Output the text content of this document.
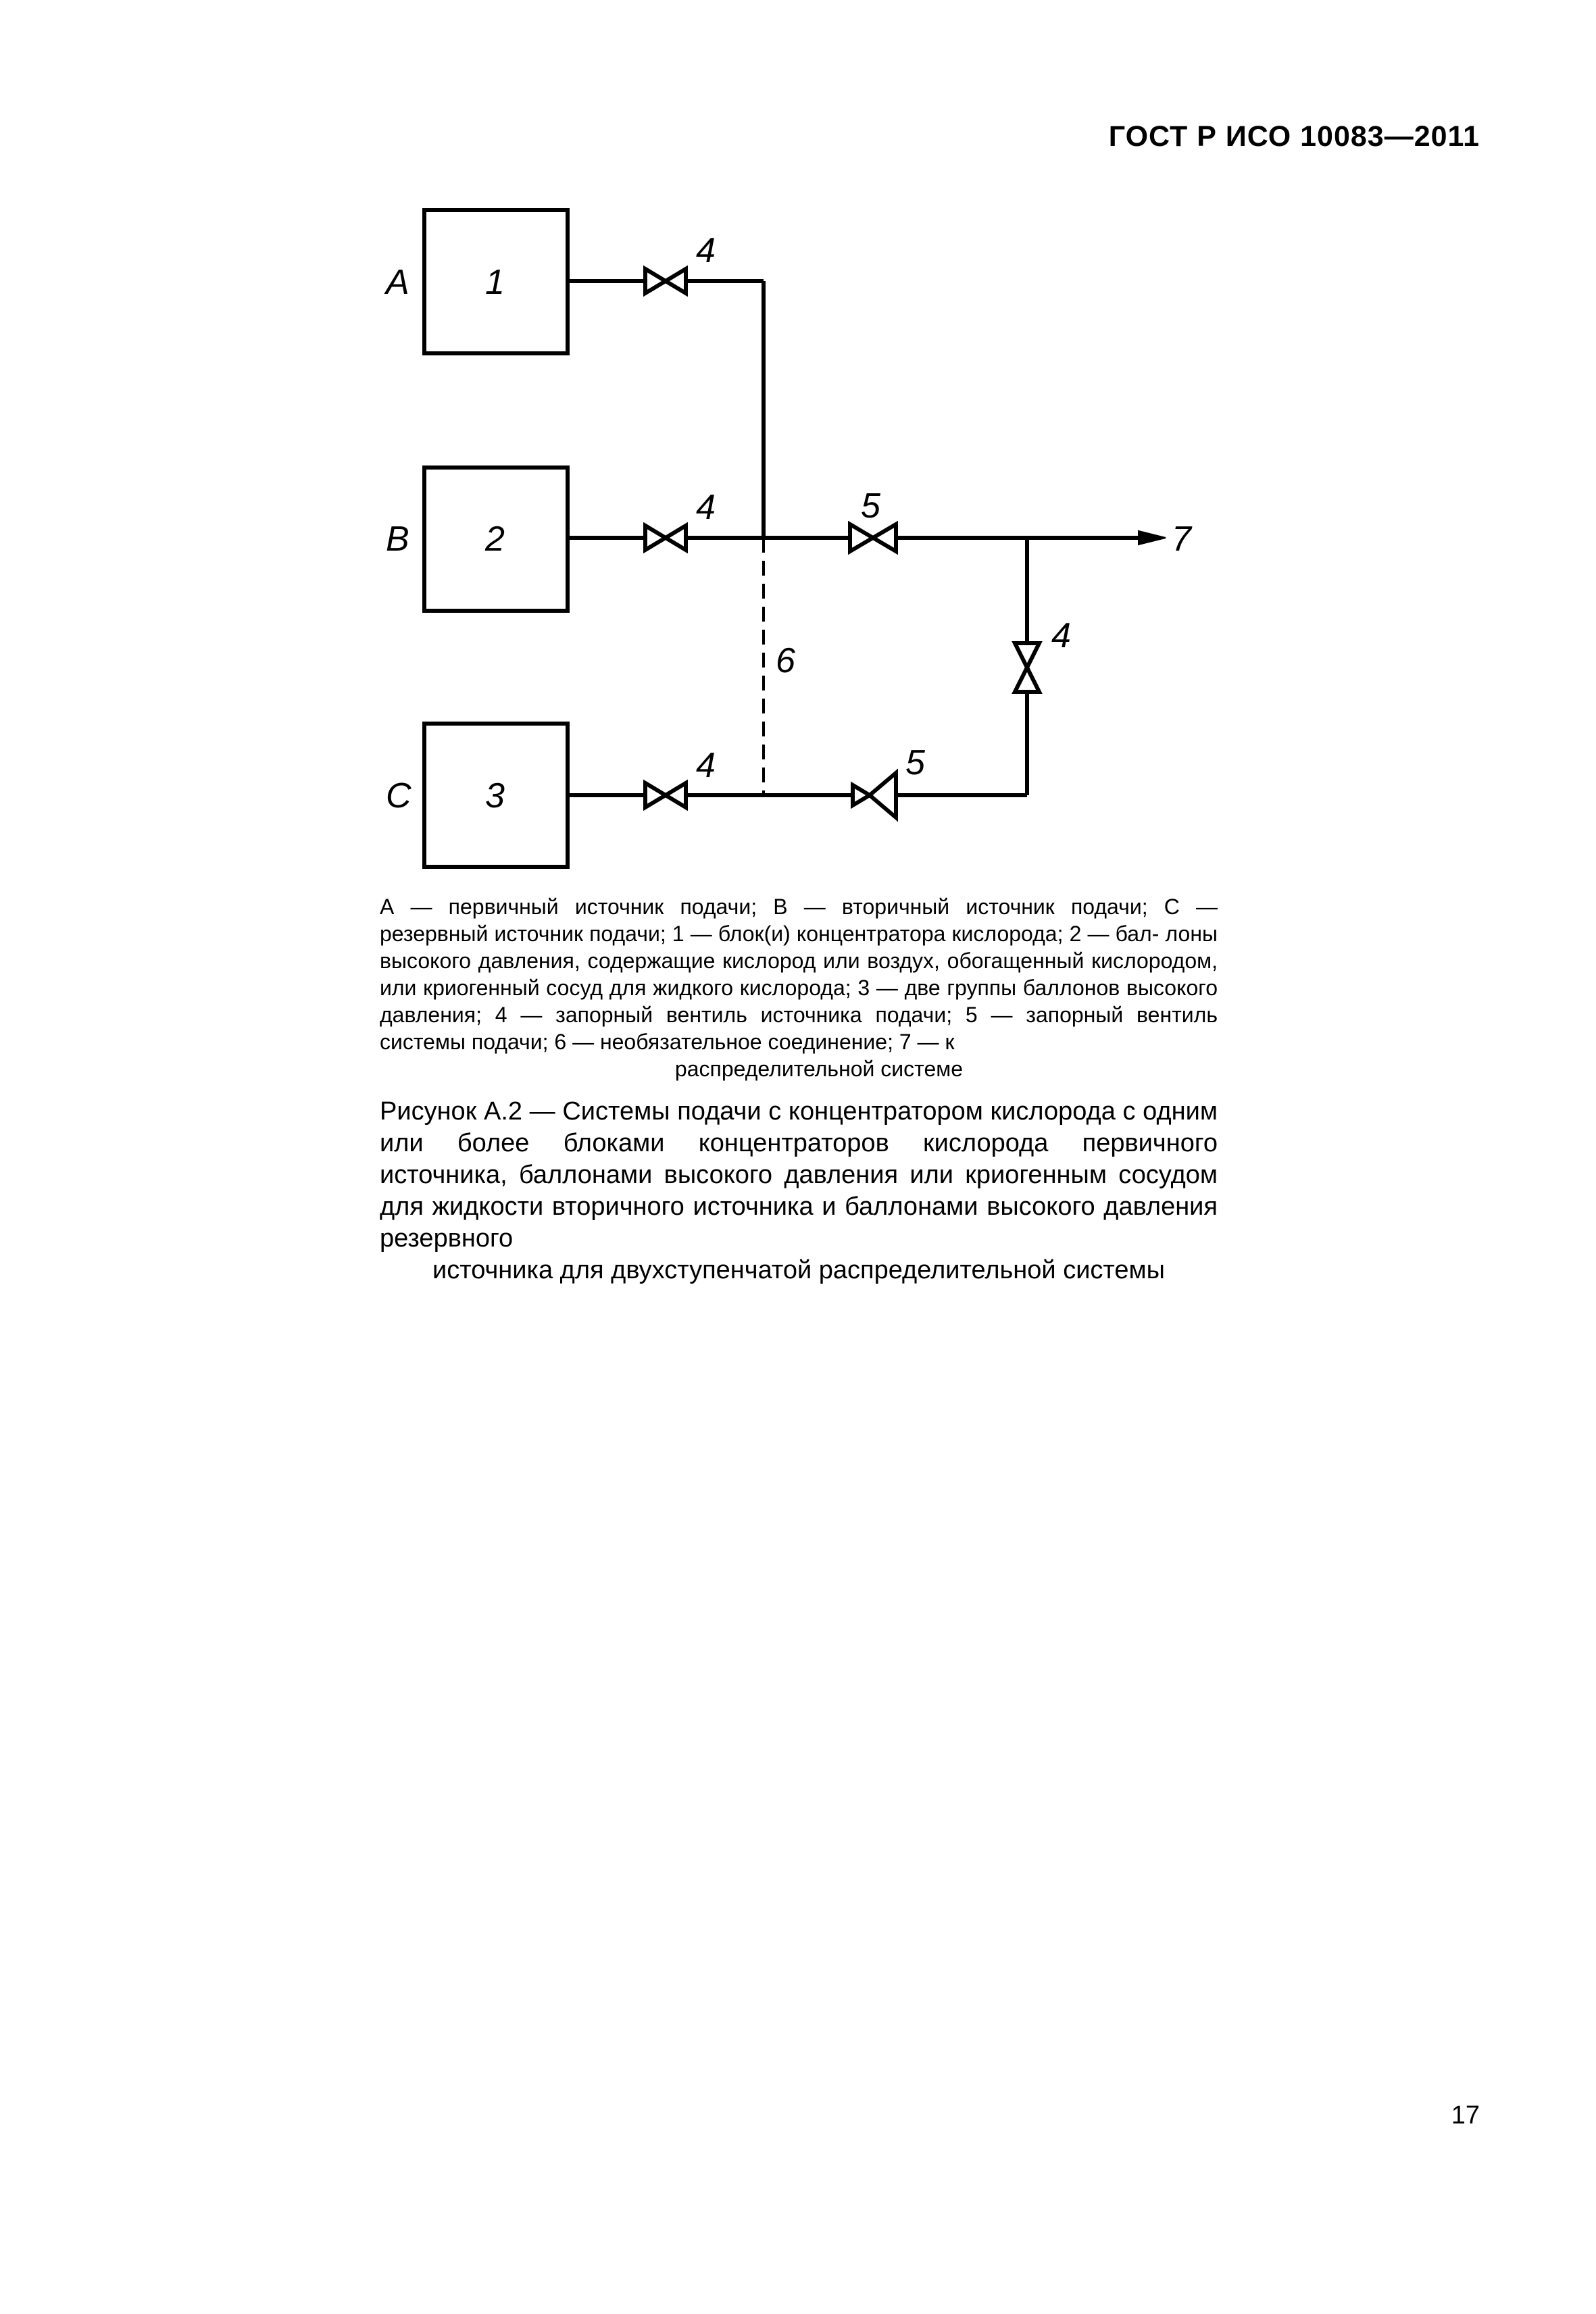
ГОСТ Р ИСО 10083—2011
A
B
C
1
2
3
4
4
4
5
5
4
6
7
А — первичный источник подачи; В — вторичный источник подачи; С — резервный источник подачи; 1 — блок(и) концентратора кислорода; 2 — бал- лоны высокого давления, содержащие кислород или воздух, обогащенный кислородом, или криогенный сосуд для жидкого кислорода; 3 — две группы баллонов высокого давления; 4 — запорный вентиль источника подачи; 5 — запорный вентиль системы подачи; 6 — необязательное соединение; 7 — к
распределительной системе
Рисунок А.2 — Системы подачи с концентратором кислорода с одним или более блоками концентраторов кислорода первичного источника, баллонами высокого давления или криогенным сосудом для жидкости вторичного источника и баллонами высокого давления резервного
источника для двухступенчатой распределительной системы
17
